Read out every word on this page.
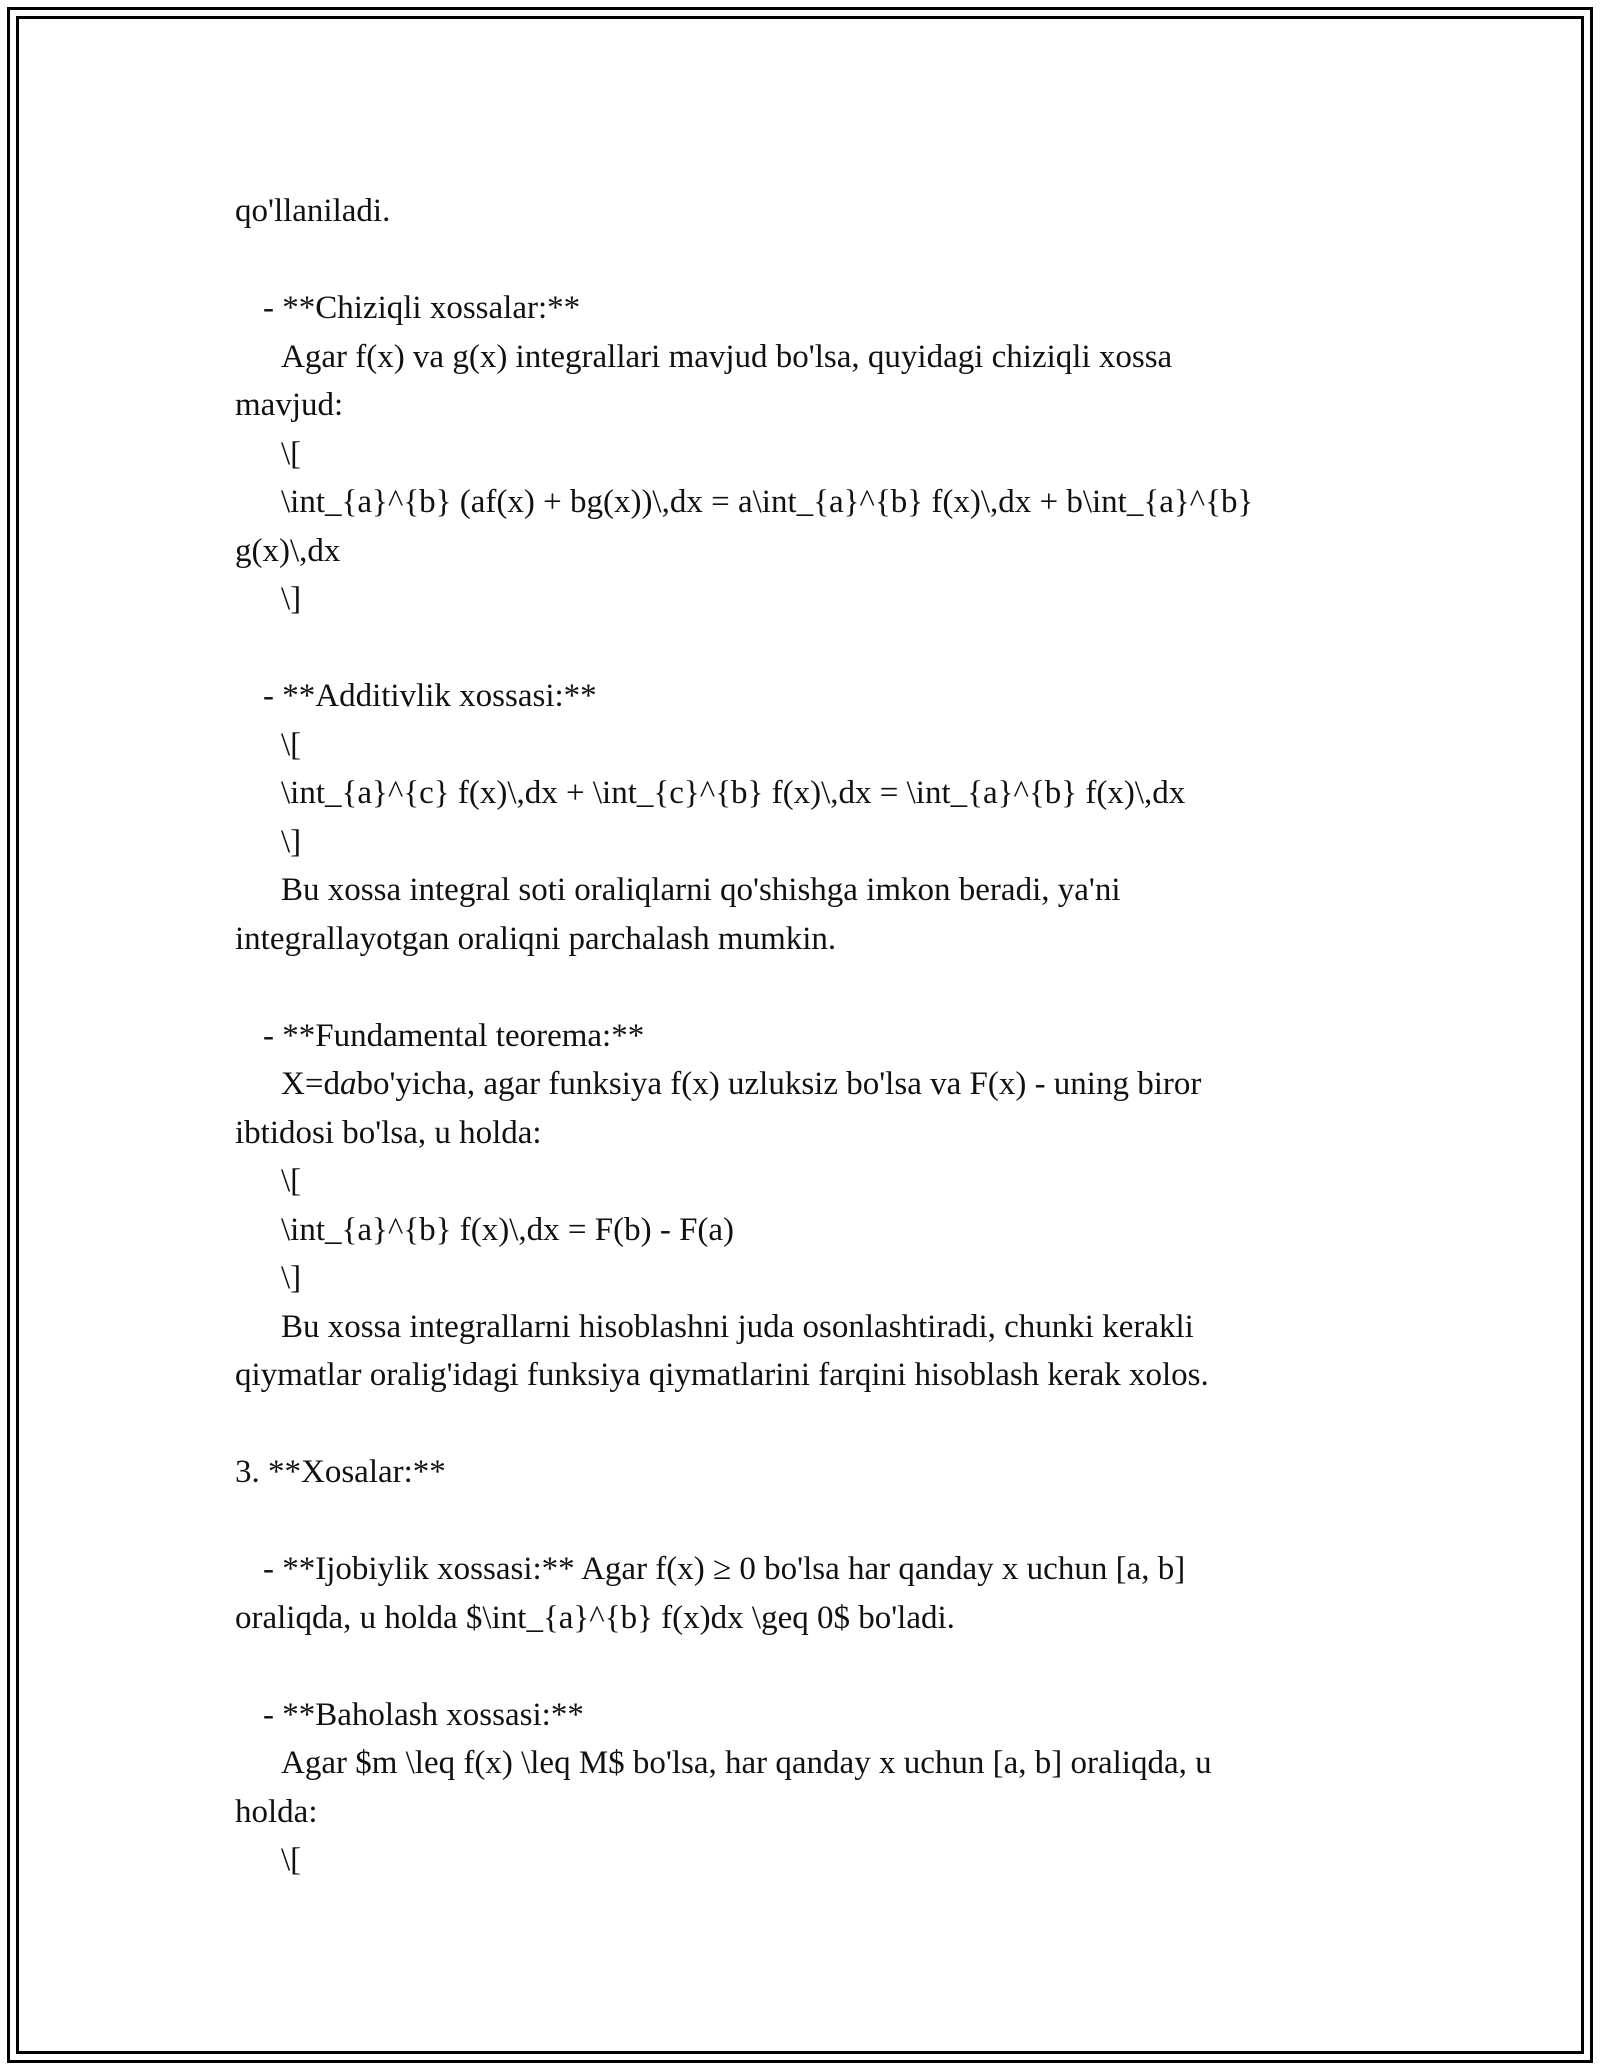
qo'llaniladi.
- **Chiziqli xossalar:**
Agar f(x) va g(x) integrallari mavjud bo'lsa, quyidagi chiziqli xossa
mavjud:
\[
\int_{a}^{b} (af(x) + bg(x))\,dx = a\int_{a}^{b} f(x)\,dx + b\int_{a}^{b}
g(x)\,dx
\]
- **Additivlik xossasi:**
\[
\int_{a}^{c} f(x)\,dx + \int_{c}^{b} f(x)\,dx = \int_{a}^{b} f(x)\,dx
\]
Bu xossa integral soti oraliqlarni qo'shishga imkon beradi, ya'ni
integrallayotgan oraliqni parchalash mumkin.
- **Fundamental teorema:**
X=dabo'yicha, agar funksiya f(x) uzluksiz bo'lsa va F(x) - uning biror
ibtidosi bo'lsa, u holda:
\[
\int_{a}^{b} f(x)\,dx = F(b) - F(a)
\]
Bu xossa integrallarni hisoblashni juda osonlashtiradi, chunki kerakli
qiymatlar oralig'idagi funksiya qiymatlarini farqini hisoblash kerak xolos.
3. **Xosalar:**
- **Ijobiylik xossasi:** Agar f(x) ≥ 0 bo'lsa har qanday x uchun [a, b]
oraliqda, u holda $\int_{a}^{b} f(x)dx \geq 0$ bo'ladi.
- **Baholash xossasi:**
Agar $m \leq f(x) \leq M$ bo'lsa, har qanday x uchun [a, b] oraliqda, u
holda:
\[
